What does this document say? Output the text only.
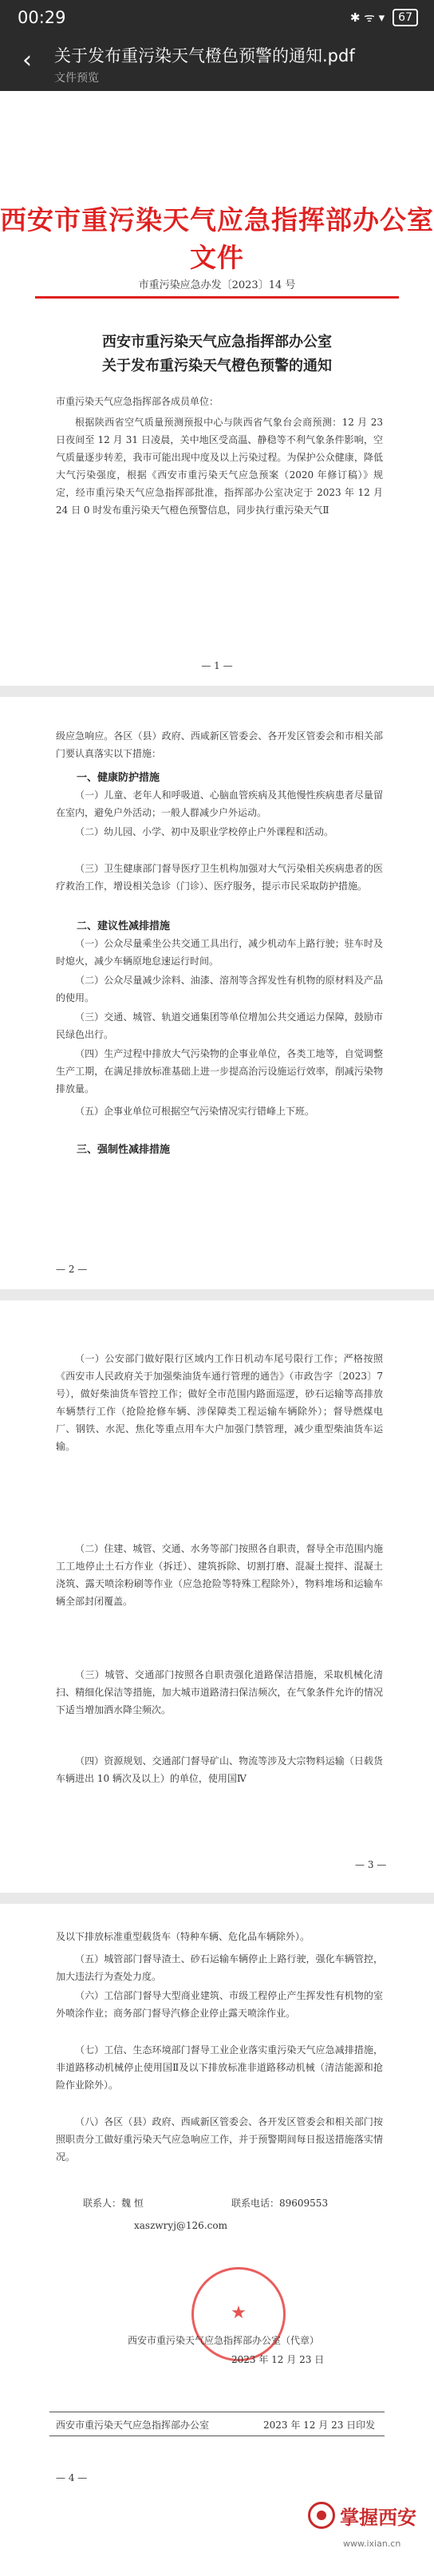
00:29	✱ ᯤ ▾	67
‹	关于发布重污染天气橙色预警的通知.pdf
文件预览
西安市重污染天气应急指挥部办公室文件
市重污染应急办发〔2023〕14 号
西安市重污染天气应急指挥部办公室
关于发布重污染天气橙色预警的通知
市重污染天气应急指挥部各成员单位：
根据陕西省空气质量预测预报中心与陕西省气象台会商预测：12 月 23 日夜间至 12 月 31 日凌晨，关中地区受高温、静稳等不利气象条件影响，空气质量逐步转差，我市可能出现中度及以上污染过程。为保护公众健康，降低大气污染强度，根据《西安市重污染天气应急预案（2020 年修订稿）》规定，经市重污染天气应急指挥部批准，指挥部办公室决定于 2023 年 12 月 24 日 0 时发布重污染天气橙色预警信息，同步执行重污染天气Ⅱ
— 1 —
级应急响应。各区（县）政府、西咸新区管委会、各开发区管委会和市相关部门要认真落实以下措施：
一、健康防护措施
（一）儿童、老年人和呼吸道、心脑血管疾病及其他慢性疾病患者尽量留在室内，避免户外活动；一般人群减少户外运动。
（二）幼儿园、小学、初中及职业学校停止户外课程和活动。
（三）卫生健康部门督导医疗卫生机构加强对大气污染相关疾病患者的医疗救治工作，增设相关急诊（门诊）、医疗服务，提示市民采取防护措施。
二、建议性减排措施
（一）公众尽量乘坐公共交通工具出行，减少机动车上路行驶；驻车时及时熄火，减少车辆原地怠速运行时间。
（二）公众尽量减少涂料、油漆、溶剂等含挥发性有机物的原材料及产品的使用。
（三）交通、城管、轨道交通集团等单位增加公共交通运力保障，鼓励市民绿色出行。
（四）生产过程中排放大气污染物的企事业单位，各类工地等，自觉调整生产工期，在满足排放标准基础上进一步提高治污设施运行效率，削减污染物排放量。
（五）企事业单位可根据空气污染情况实行错峰上下班。
三、强制性减排措施
— 2 —
（一）公安部门做好限行区域内工作日机动车尾号限行工作；严格按照《西安市人民政府关于加强柴油货车通行管理的通告》（市政告字〔2023〕7 号），做好柴油货车管控工作；做好全市范围内路面巡逻，砂石运输等高排放车辆禁行工作（抢险抢修车辆、涉保障类工程运输车辆除外）；督导燃煤电厂、钢铁、水泥、焦化等重点用车大户加强门禁管理，减少重型柴油货车运输。
（二）住建、城管、交通、水务等部门按照各自职责，督导全市范围内施工工地停止土石方作业（拆迁）、建筑拆除、切割打磨、混凝土搅拌、混凝土浇筑、露天喷涂粉刷等作业（应急抢险等特殊工程除外），物料堆场和运输车辆全部封闭覆盖。
（三）城管、交通部门按照各自职责强化道路保洁措施，采取机械化清扫、精细化保洁等措施，加大城市道路清扫保洁频次，在气象条件允许的情况下适当增加洒水降尘频次。
（四）资源规划、交通部门督导矿山、物流等涉及大宗物料运输（日载货车辆进出 10 辆次及以上）的单位，使用国Ⅳ
— 3 —
及以下排放标准重型载货车（特种车辆、危化品车辆除外）。
（五）城管部门督导渣土、砂石运输车辆停止上路行驶，强化车辆管控，加大违法行为查处力度。
（六）工信部门督导大型商业建筑、市级工程停止产生挥发性有机物的室外喷涂作业；商务部门督导汽修企业停止露天喷涂作业。
（七）工信、生态环境部门督导工业企业落实重污染天气应急减排措施，非道路移动机械停止使用国Ⅱ及以下排放标准非道路移动机械（清洁能源和抢险作业除外）。
（八）各区（县）政府、西咸新区管委会、各开发区管委会和相关部门按照职责分工做好重污染天气应急响应工作，并于预警期间每日报送措施落实情况。
联系人：魏 恒	联系电话：89609553
xaszwryj@126.com
★
西安市重污染天气应急指挥部办公室（代章）
2023 年 12 月 23 日
西安市重污染天气应急指挥部办公室	2023 年 12 月 23 日印发
— 4 —
掌握西安
www.ixian.cn
